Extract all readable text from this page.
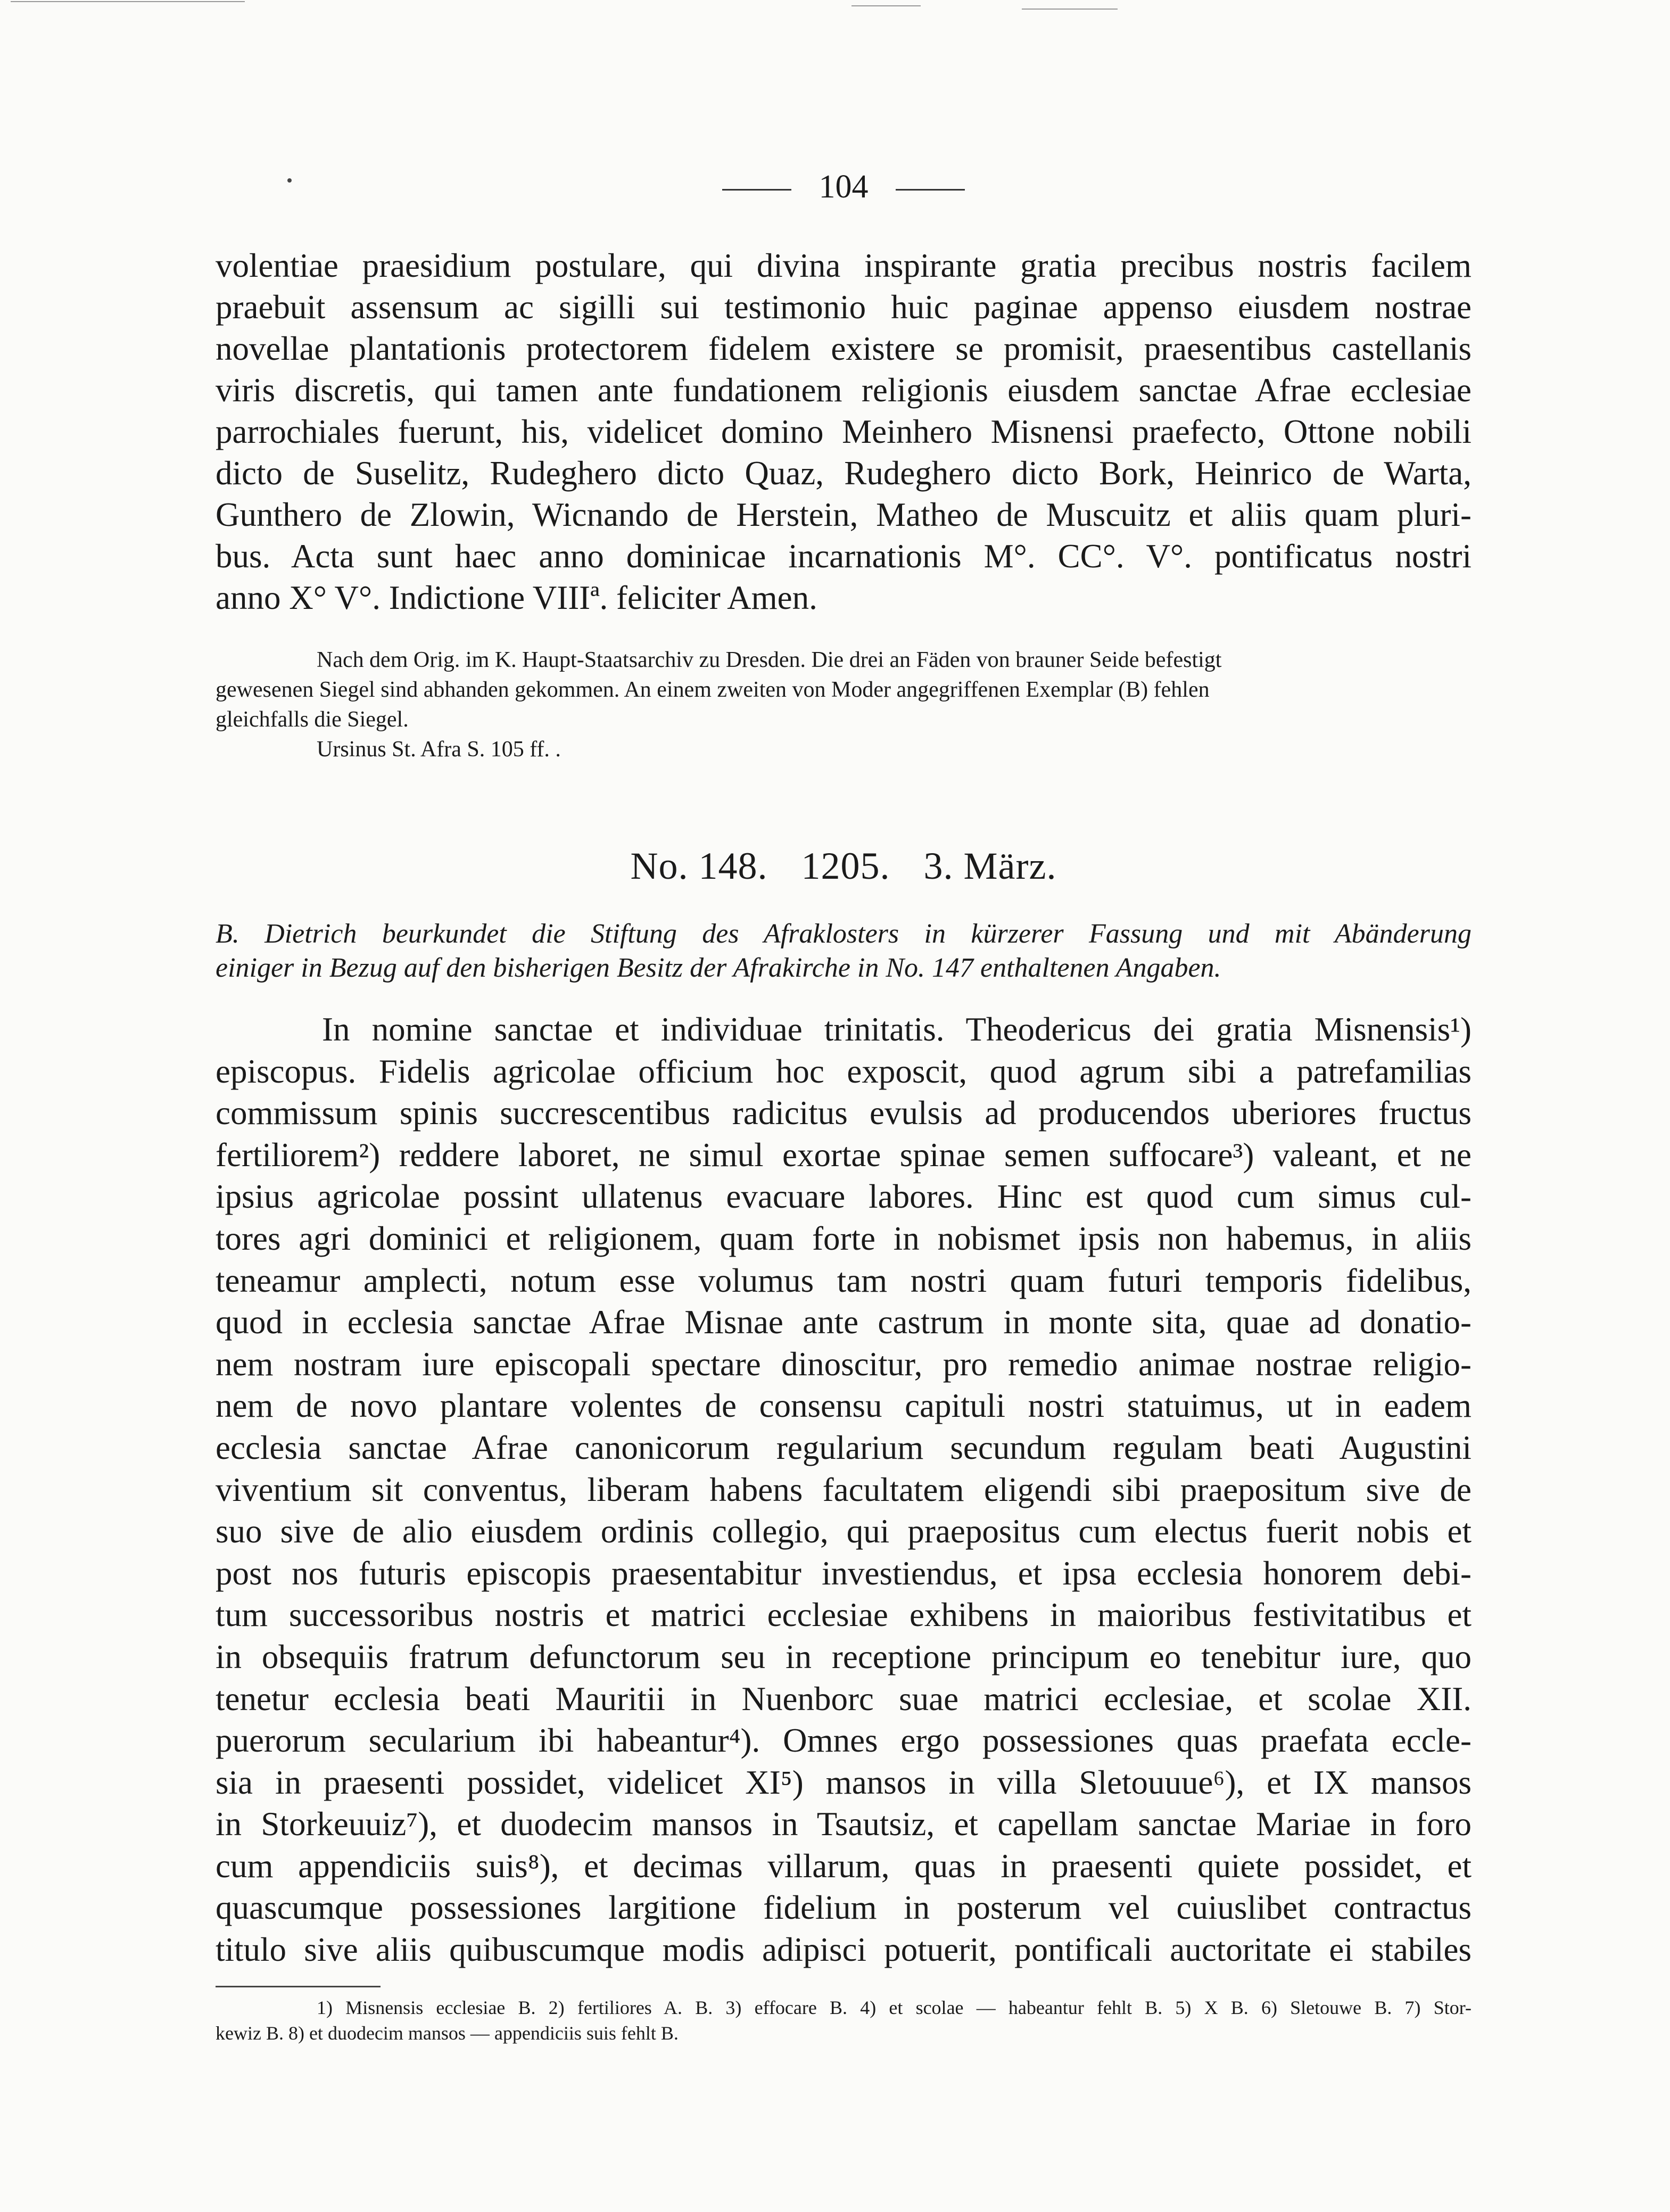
104
volentiae praesidium postulare, qui divina inspirante gratia precibus nostris facilem
praebuit assensum ac sigilli sui testimonio huic paginae appenso eiusdem nostrae
novellae plantationis protectorem fidelem existere se promisit, praesentibus castellanis
viris discretis, qui tamen ante fundationem religionis eiusdem sanctae Afrae ecclesiae
parrochiales fuerunt, his, videlicet domino Meinhero Misnensi praefecto, Ottone nobili
dicto de Suselitz, Rudeghero dicto Quaz, Rudeghero dicto Bork, Heinrico de Warta,
Gunthero de Zlowin, Wicnando de Herstein, Matheo de Muscuitz et aliis quam pluri-
bus. Acta sunt haec anno dominicae incarnationis M°. CC°. V°. pontificatus nostri
anno X° V°. Indictione VIIIª. feliciter Amen.
Nach dem Orig. im K. Haupt-Staatsarchiv zu Dresden. Die drei an Fäden von brauner Seide befestigt
gewesenen Siegel sind abhanden gekommen. An einem zweiten von Moder angegriffenen Exemplar (B) fehlen
gleichfalls die Siegel.
Ursinus St. Afra S. 105 ff. .
No. 148. 1205. 3. März.
B. Dietrich beurkundet die Stiftung des Afraklosters in kürzerer Fassung und mit Abänderung
einiger in Bezug auf den bisherigen Besitz der Afrakirche in No. 147 enthaltenen Angaben.
In nomine sanctae et individuae trinitatis. Theodericus dei gratia Misnensis¹)
episcopus. Fidelis agricolae officium hoc exposcit, quod agrum sibi a patrefamilias
commissum spinis succrescentibus radicitus evulsis ad producendos uberiores fructus
fertiliorem²) reddere laboret, ne simul exortae spinae semen suffocare³) valeant, et ne
ipsius agricolae possint ullatenus evacuare labores. Hinc est quod cum simus cul-
tores agri dominici et religionem, quam forte in nobismet ipsis non habemus, in aliis
teneamur amplecti, notum esse volumus tam nostri quam futuri temporis fidelibus,
quod in ecclesia sanctae Afrae Misnae ante castrum in monte sita, quae ad donatio-
nem nostram iure episcopali spectare dinoscitur, pro remedio animae nostrae religio-
nem de novo plantare volentes de consensu capituli nostri statuimus, ut in eadem
ecclesia sanctae Afrae canonicorum regularium secundum regulam beati Augustini
viventium sit conventus, liberam habens facultatem eligendi sibi praepositum sive de
suo sive de alio eiusdem ordinis collegio, qui praepositus cum electus fuerit nobis et
post nos futuris episcopis praesentabitur investiendus, et ipsa ecclesia honorem debi-
tum successoribus nostris et matrici ecclesiae exhibens in maioribus festivitatibus et
in obsequiis fratrum defunctorum seu in receptione principum eo tenebitur iure, quo
tenetur ecclesia beati Mauritii in Nuenborc suae matrici ecclesiae, et scolae XII.
puerorum secularium ibi habeantur⁴). Omnes ergo possessiones quas praefata eccle-
sia in praesenti possidet, videlicet XI⁵) mansos in villa Sletouuue⁶), et IX mansos
in Storkeuuiz⁷), et duodecim mansos in Tsautsiz, et capellam sanctae Mariae in foro
cum appendiciis suis⁸), et decimas villarum, quas in praesenti quiete possidet, et
quascumque possessiones largitione fidelium in posterum vel cuiuslibet contractus
titulo sive aliis quibuscumque modis adipisci potuerit, pontificali auctoritate ei stabiles
1) Misnensis ecclesiae B. 2) fertiliores A. B. 3) effocare B. 4) et scolae — habeantur fehlt B. 5) X B. 6) Sletouwe B. 7) Stor-
kewiz B. 8) et duodecim mansos — appendiciis suis fehlt B.
